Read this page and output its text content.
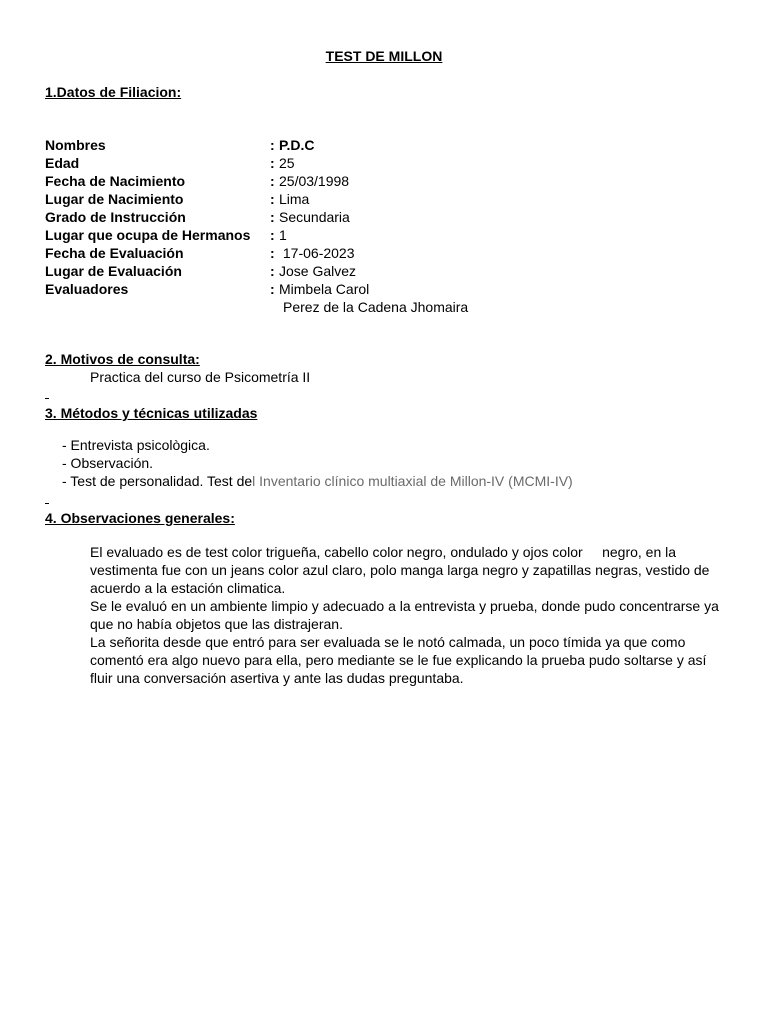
TEST DE MILLON
1.Datos de Filiacion:
Nombres	: P.D.C
Edad	: 25
Fecha de Nacimiento	: 25/03/1998
Lugar de Nacimiento	: Lima
Grado de Instrucción	: Secundaria
Lugar que ocupa de Hermanos	: 1
Fecha de Evaluación	: 17-06-2023
Lugar de Evaluación	: Jose Galvez
Evaluadores	: Mimbela Carol
Perez de la Cadena Jhomaira
2. Motivos de consulta:
Practica del curso de Psicometría II
3. Métodos y técnicas utilizadas
- Entrevista psicològica.
- Observación.
- Test de personalidad. Test del Inventario clínico multiaxial de Millon-IV (MCMI-IV)
4. Observaciones generales:

El evaluado es de test color trigueña, cabello color negro, ondulado y ojos color     negro, en la vestimenta fue con un jeans color azul claro, polo manga larga negro y zapatillas negras, vestido de acuerdo a la estación climatica.

Se le evaluó en un ambiente limpio y adecuado a la entrevista y prueba, donde pudo concentrarse ya que no había objetos que las distrajeran.

La señorita desde que entró para ser evaluada se le notó calmada, un poco tímida ya que como comentó era algo nuevo para ella, pero mediante se le fue explicando la prueba pudo soltarse y así fluir una conversación asertiva y ante las dudas preguntaba.
